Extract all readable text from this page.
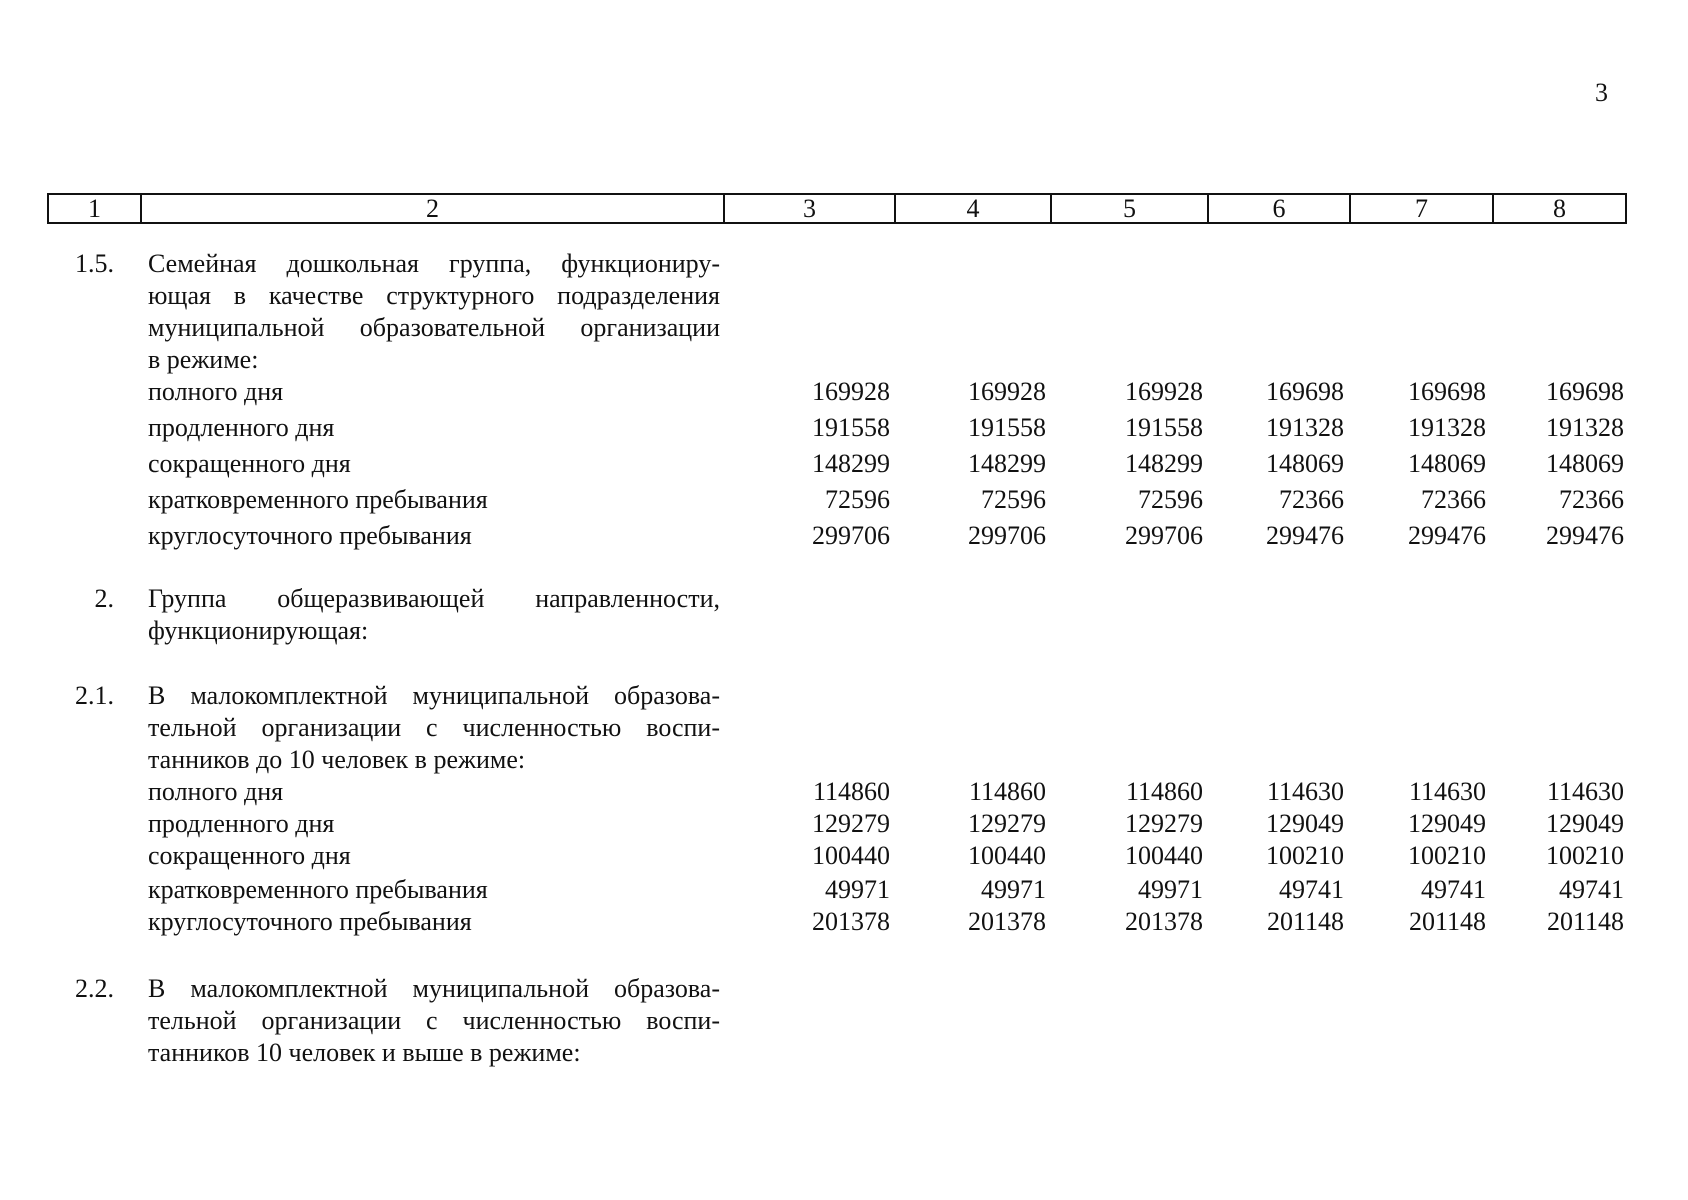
3
1	2	3	4	5	6	7	8
1.5. Семейная дошкольная группа, функциониру-
ющая в качестве структурного подразделения
муниципальной образовательной организации
в режиме:
полного дня	169928	169928	169928	169698	169698	169698
продленного дня	191558	191558	191558	191328	191328	191328
сокращенного дня	148299	148299	148299	148069	148069	148069
кратковременного пребывания	72596	72596	72596	72366	72366	72366
круглосуточного пребывания	299706	299706	299706	299476	299476	299476
2. Группа общеразвивающей направленности,
функционирующая:
2.1. В малокомплектной муниципальной образова-
тельной организации с численностью воспи-
танников до 10 человек в режиме:
полного дня	114860	114860	114860	114630	114630	114630
продленного дня	129279	129279	129279	129049	129049	129049
сокращенного дня	100440	100440	100440	100210	100210	100210
кратковременного пребывания	49971	49971	49971	49741	49741	49741
круглосуточного пребывания	201378	201378	201378	201148	201148	201148
2.2. В малокомплектной муниципальной образова-
тельной организации с численностью воспи-
танников 10 человек и выше в режиме:
